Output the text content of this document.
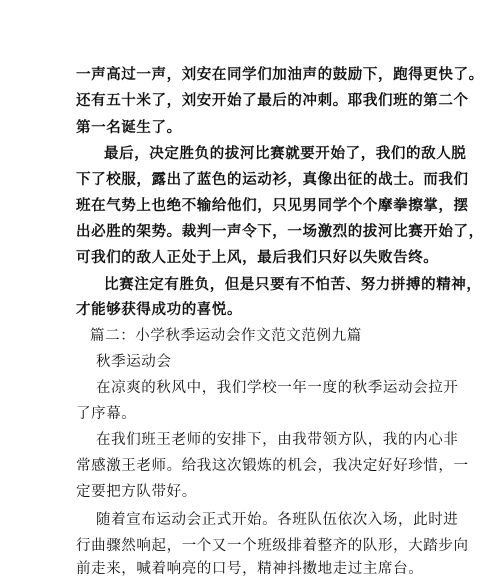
一声高过一声，刘安在同学们加油声的鼓励下，跑得更快了。
还有五十米了，刘安开始了最后的冲刺。耶我们班的第二个
第一名诞生了。
最后，决定胜负的拔河比赛就要开始了，我们的敌人脱
下了校服，露出了蓝色的运动衫，真像出征的战士。而我们
班在气势上也绝不输给他们，只见男同学个个摩拳擦掌，摆
出必胜的架势。裁判一声令下，一场激烈的拔河比赛开始了，
可我们的敌人正处于上风，最后我们只好以失败告终。
比赛注定有胜负，但是只要有不怕苦、努力拼搏的精神，
才能够获得成功的喜悦。
篇二：小学秋季运动会作文范文范例九篇
秋季运动会
在凉爽的秋风中，我们学校一年一度的秋季运动会拉开
了序幕。
在我们班王老师的安排下，由我带领方队，我的内心非
常感激王老师。给我这次锻炼的机会，我决定好好珍惜，一
定要把方队带好。
随着宣布运动会正式开始。各班队伍依次入场，此时进
行曲骤然响起，一个又一个班级排着整齐的队形，大踏步向
前走来，喊着响亮的口号，精神抖擞地走过主席台。
